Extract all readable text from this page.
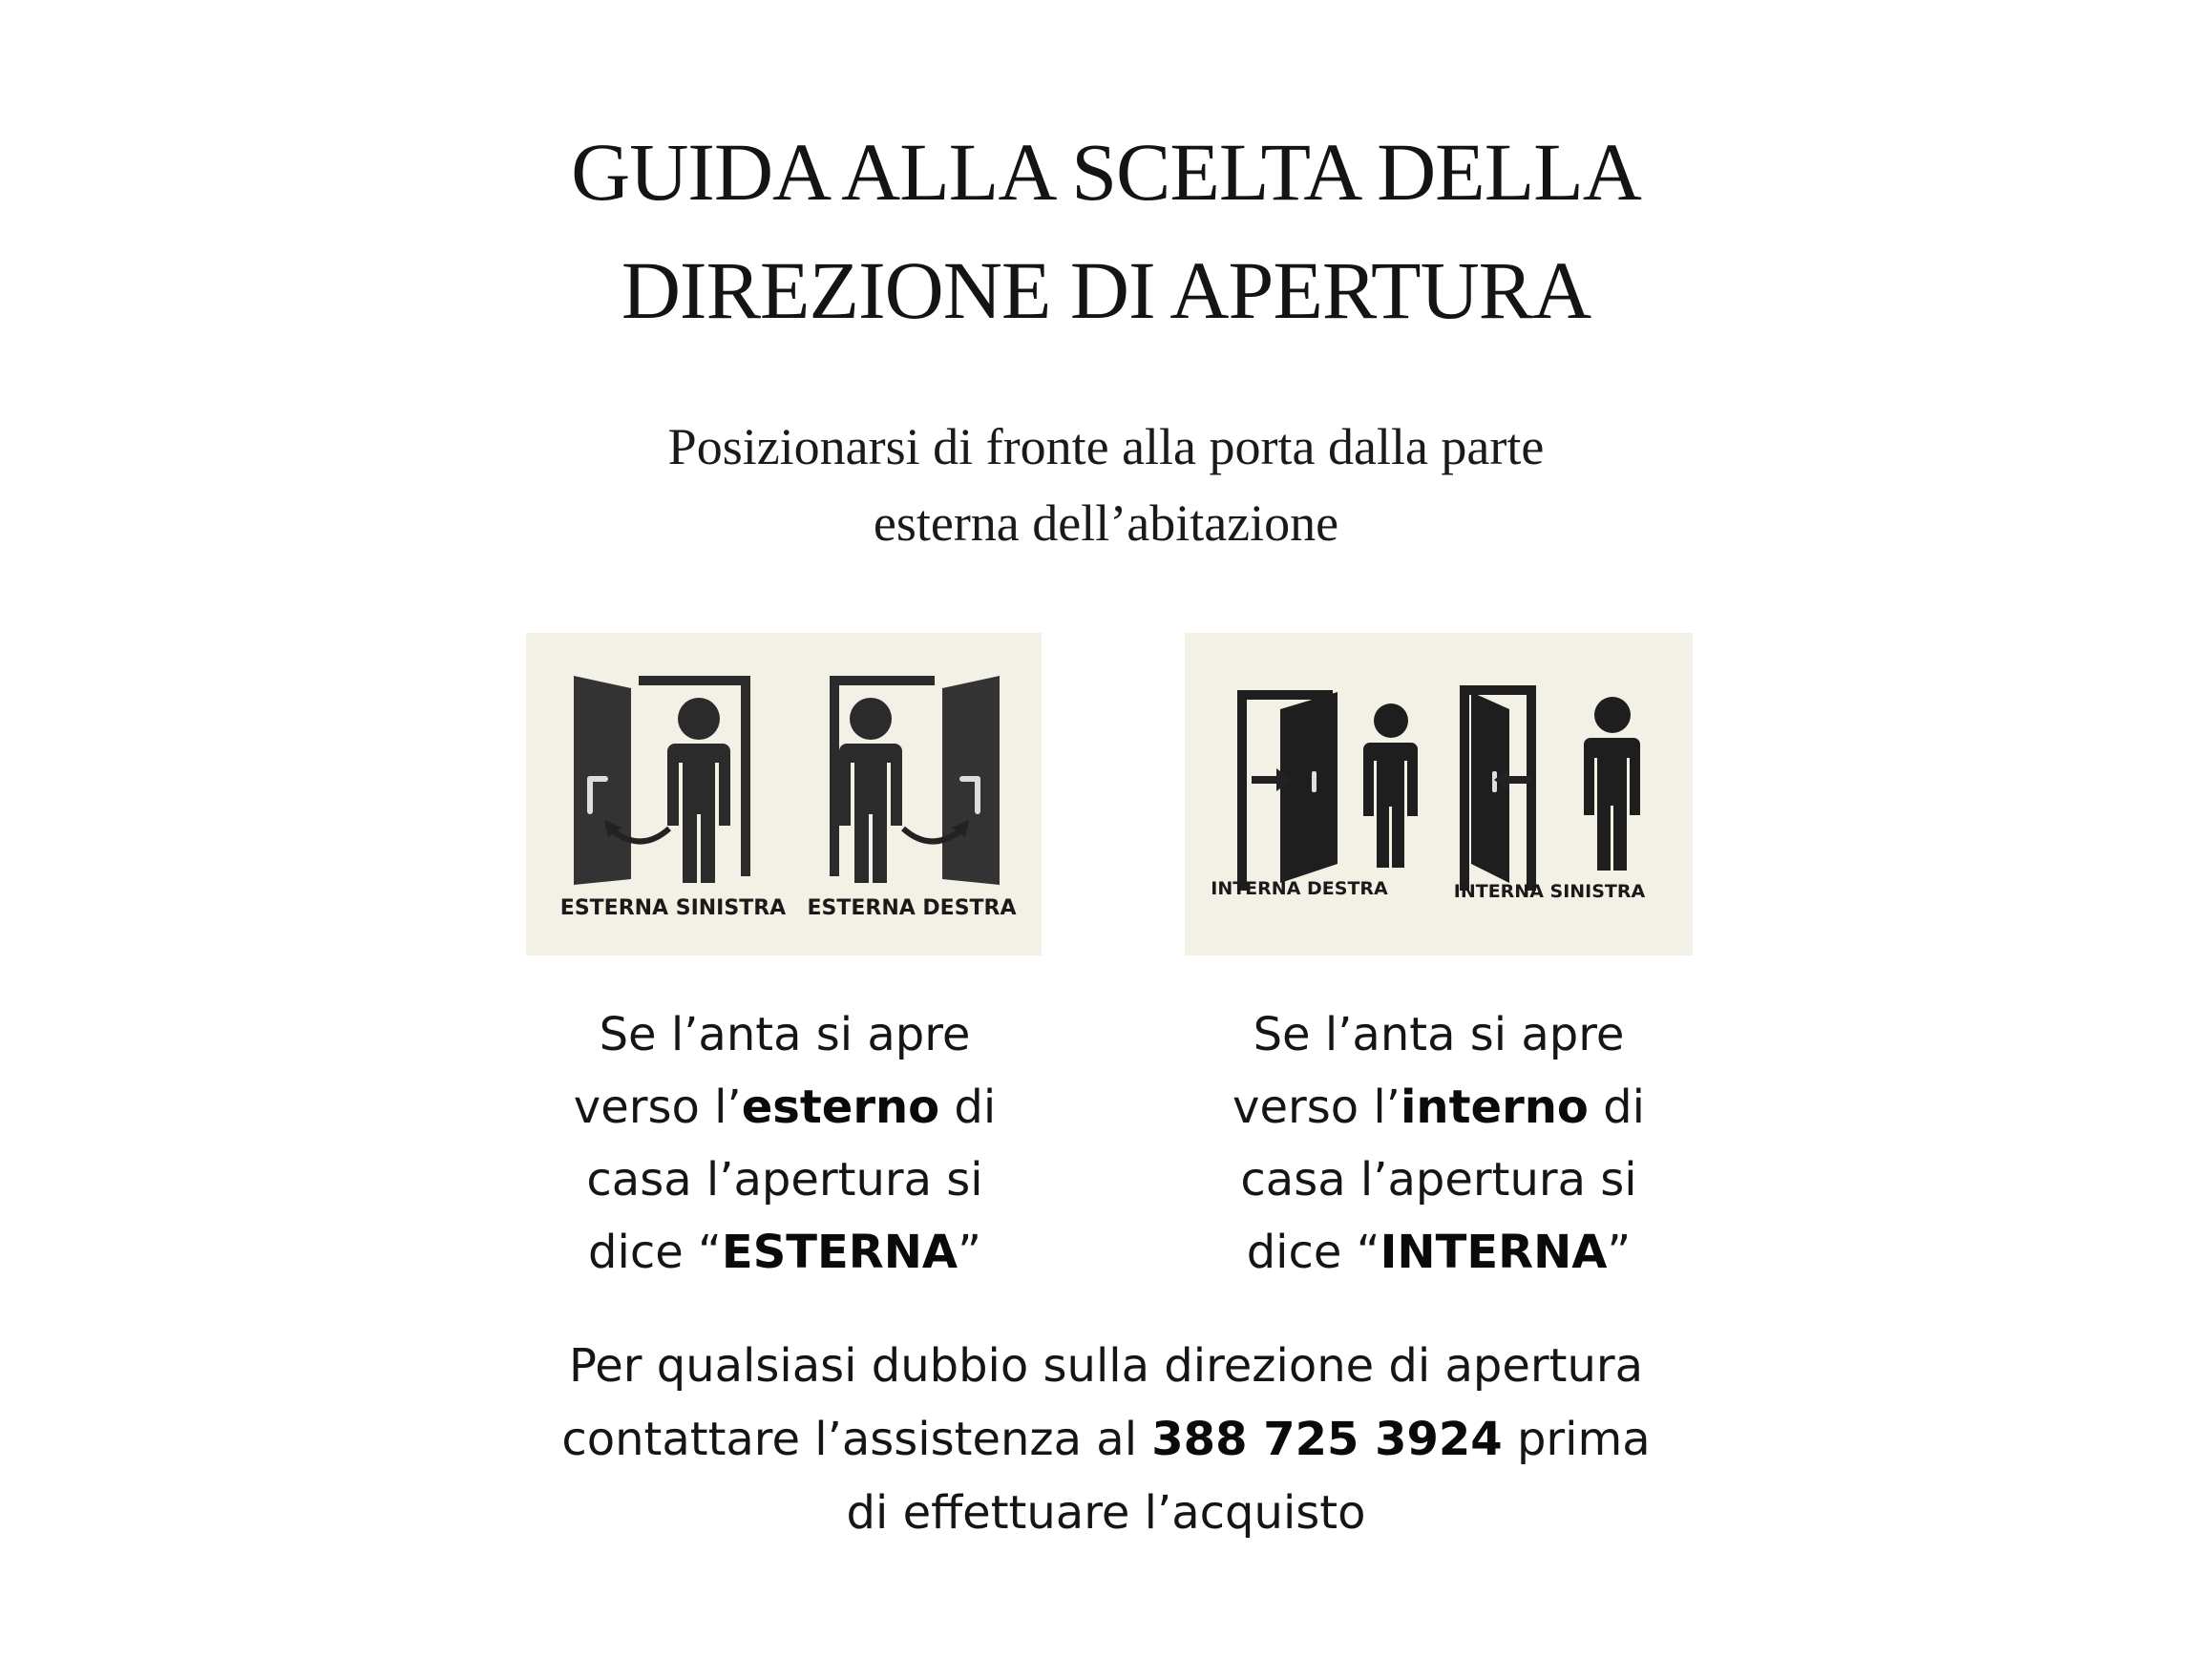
GUIDA ALLA SCELTA DELLA
DIREZIONE DI APERTURA
Posizionarsi di fronte alla porta dalla parte
esterna dell’abitazione
ESTERNA SINISTRA ESTERNA DESTRA
INTERNA DESTRA	INTERNA SINISTRA
Se l’anta si apre verso l’esterno di casa l’apertura si dice “ESTERNA”
Se l’anta si apre verso l’interno di casa l’apertura si dice “INTERNA”
Per qualsiasi dubbio sulla direzione di apertura
contattare l’assistenza al 388 725 3924 prima
di effettuare l’acquisto
